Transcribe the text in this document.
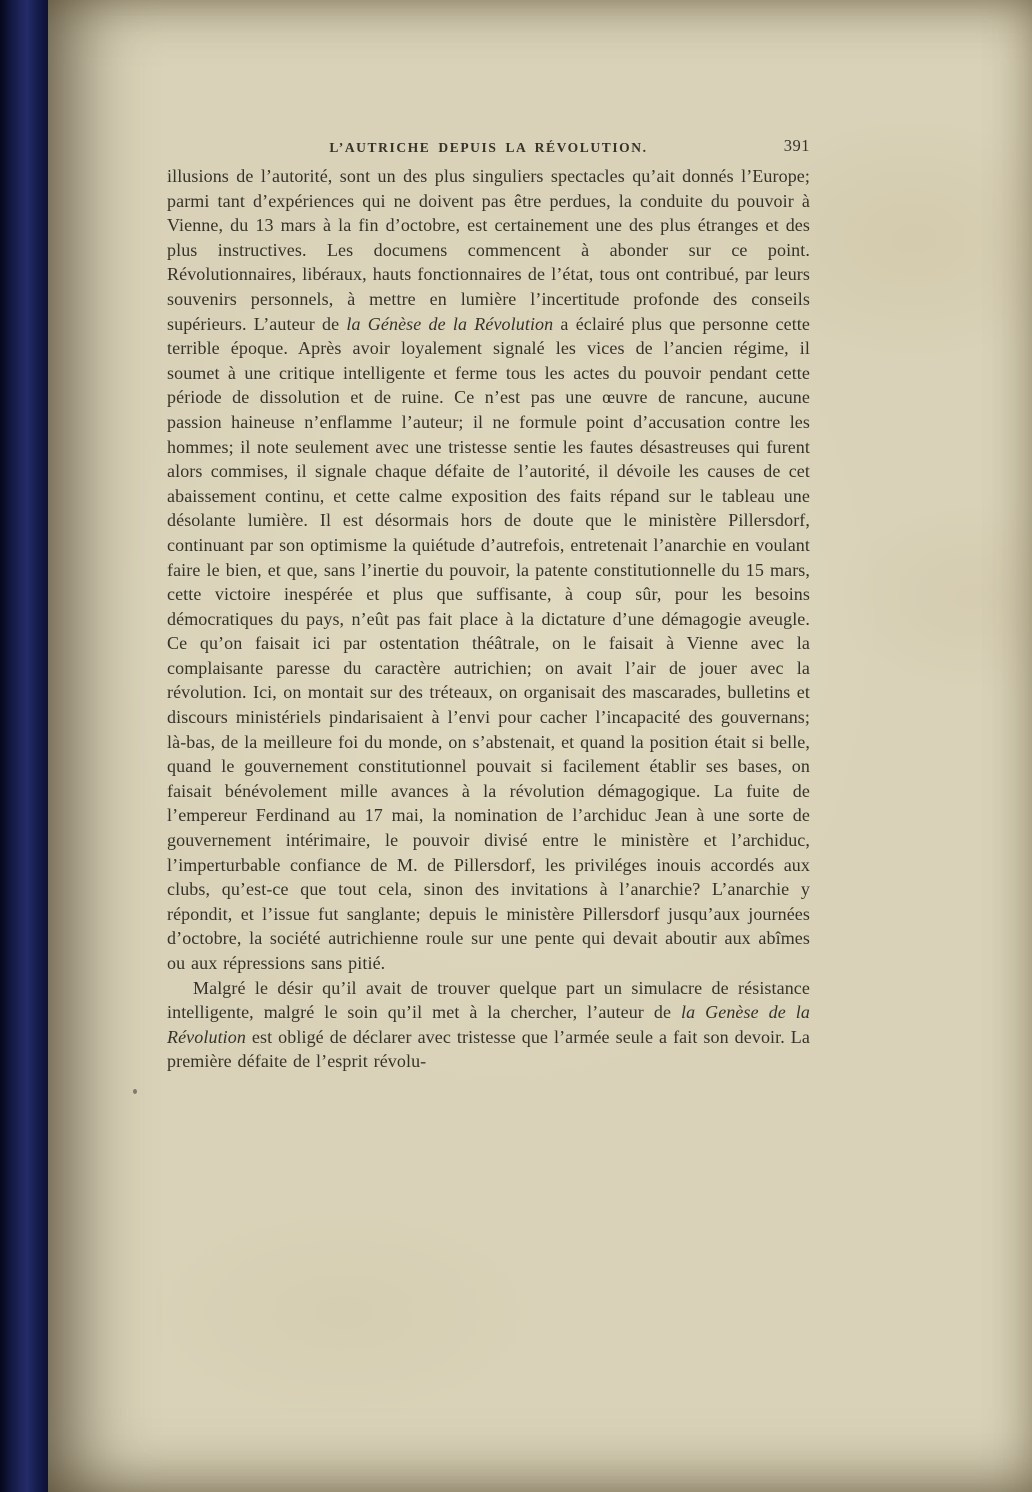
L’AUTRICHE DEPUIS LA RÉVOLUTION.	391

illusions de l’autorité, sont un des plus singuliers spectacles qu’ait donnés l’Europe; parmi tant d’expériences qui ne doivent pas être perdues, la conduite du pouvoir à Vienne, du 13 mars à la fin d’octobre, est certainement une des plus étranges et des plus instructives. Les documens commencent à abonder sur ce point. Révolutionnaires, libéraux, hauts fonctionnaires de l’état, tous ont contribué, par leurs souvenirs personnels, à mettre en lumière l’incertitude profonde des conseils supérieurs. L’auteur de la Génèse de la Révolution a éclairé plus que personne cette terrible époque. Après avoir loyalement signalé les vices de l’ancien régime, il soumet à une critique intelligente et ferme tous les actes du pouvoir pendant cette période de dissolution et de ruine. Ce n’est pas une œuvre de rancune, aucune passion haineuse n’enflamme l’auteur; il ne formule point d’accusation contre les hommes; il note seulement avec une tristesse sentie les fautes désastreuses qui furent alors commises, il signale chaque défaite de l’autorité, il dévoile les causes de cet abaissement continu, et cette calme exposition des faits répand sur le tableau une désolante lumière. Il est désormais hors de doute que le ministère Pillersdorf, continuant par son optimisme la quiétude d’autrefois, entretenait l’anarchie en voulant faire le bien, et que, sans l’inertie du pouvoir, la patente constitutionnelle du 15 mars, cette victoire inespérée et plus que suffisante, à coup sûr, pour les besoins démocratiques du pays, n’eût pas fait place à la dictature d’une démagogie aveugle. Ce qu’on faisait ici par ostentation théâtrale, on le faisait à Vienne avec la complaisante paresse du caractère autrichien; on avait l’air de jouer avec la révolution. Ici, on montait sur des tréteaux, on organisait des mascarades, bulletins et discours ministériels pindarisaient à l’envi pour cacher l’incapacité des gouvernans; là-bas, de la meilleure foi du monde, on s’abstenait, et quand la position était si belle, quand le gouvernement constitutionnel pouvait si facilement établir ses bases, on faisait bénévolement mille avances à la révolution démagogique. La fuite de l’empereur Ferdinand au 17 mai, la nomination de l’archiduc Jean à une sorte de gouvernement intérimaire, le pouvoir divisé entre le ministère et l’archiduc, l’imperturbable confiance de M. de Pillersdorf, les priviléges inouis accordés aux clubs, qu’est-ce que tout cela, sinon des invitations à l’anarchie? L’anarchie y répondit, et l’issue fut sanglante; depuis le ministère Pillersdorf jusqu’aux journées d’octobre, la société autrichienne roule sur une pente qui devait aboutir aux abîmes ou aux répressions sans pitié.

Malgré le désir qu’il avait de trouver quelque part un simulacre de résistance intelligente, malgré le soin qu’il met à la chercher, l’auteur de la Genèse de la Révolution est obligé de déclarer avec tristesse que l’armée seule a fait son devoir. La première défaite de l’esprit révolu-
